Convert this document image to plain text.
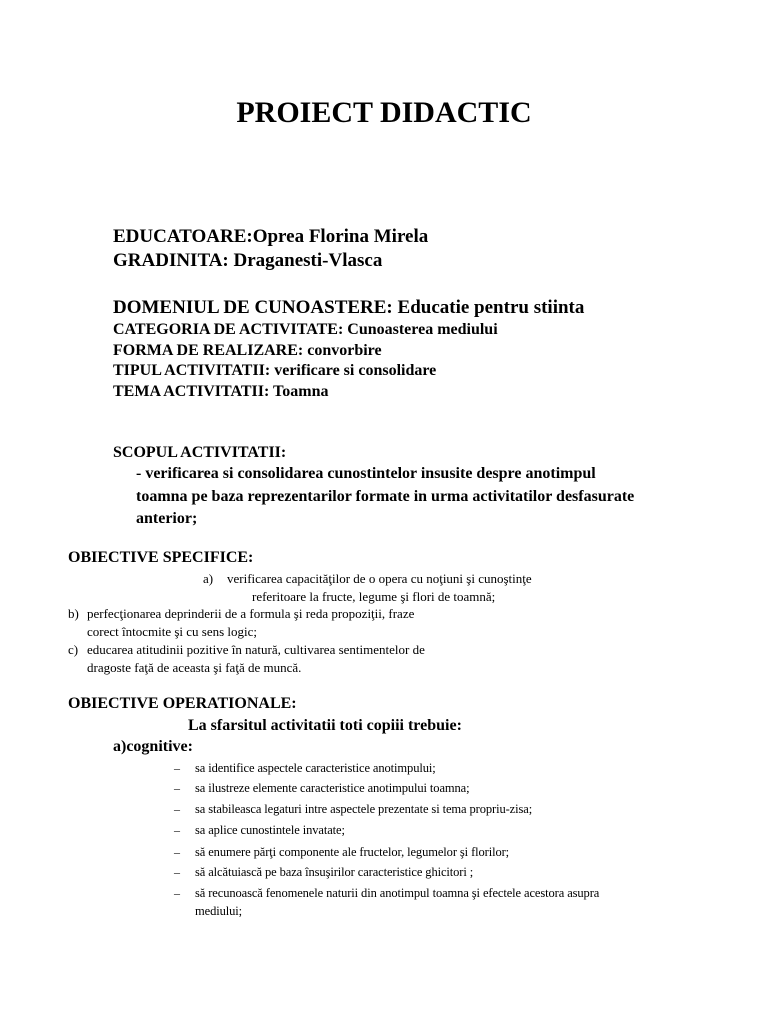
PROIECT DIDACTIC
EDUCATOARE:Oprea Florina Mirela
GRADINITA: Draganesti-Vlasca
DOMENIUL DE CUNOASTERE: Educatie pentru stiinta
CATEGORIA DE ACTIVITATE: Cunoasterea mediului
FORMA DE REALIZARE: convorbire
TIPUL ACTIVITATII: verificare si consolidare
TEMA ACTIVITATII: Toamna
SCOPUL ACTIVITATII:
- verificarea si consolidarea cunostintelor insusite despre anotimpul
toamna pe baza reprezentarilor formate in urma activitatilor desfasurate
anterior;
OBIECTIVE SPECIFICE:
a) verificarea capacităţilor de o opera cu noţiuni şi cunoştinţe
referitoare la fructe, legume şi flori de toamnă;
b) perfecţionarea deprinderii de a formula şi reda propoziţii, fraze
corect întocmite şi cu sens logic;
c) educarea atitudinii pozitive în natură, cultivarea sentimentelor de
dragoste faţă de aceasta şi faţă de muncă.
OBIECTIVE OPERATIONALE:
La sfarsitul activitatii toti copiii trebuie:
a)cognitive:
– sa identifice aspectele caracteristice anotimpului;
– sa ilustreze elemente caracteristice anotimpului toamna;
– sa stabileasca legaturi intre aspectele prezentate si tema propriu-zisa;
– sa aplice cunostintele invatate;
– să enumere părţi componente ale fructelor, legumelor şi florilor;
– să alcătuiască pe baza însuşirilor caracteristice ghicitori ;
– să recunoască fenomenele naturii din anotimpul toamna şi efectele acestora asupra
mediului;
